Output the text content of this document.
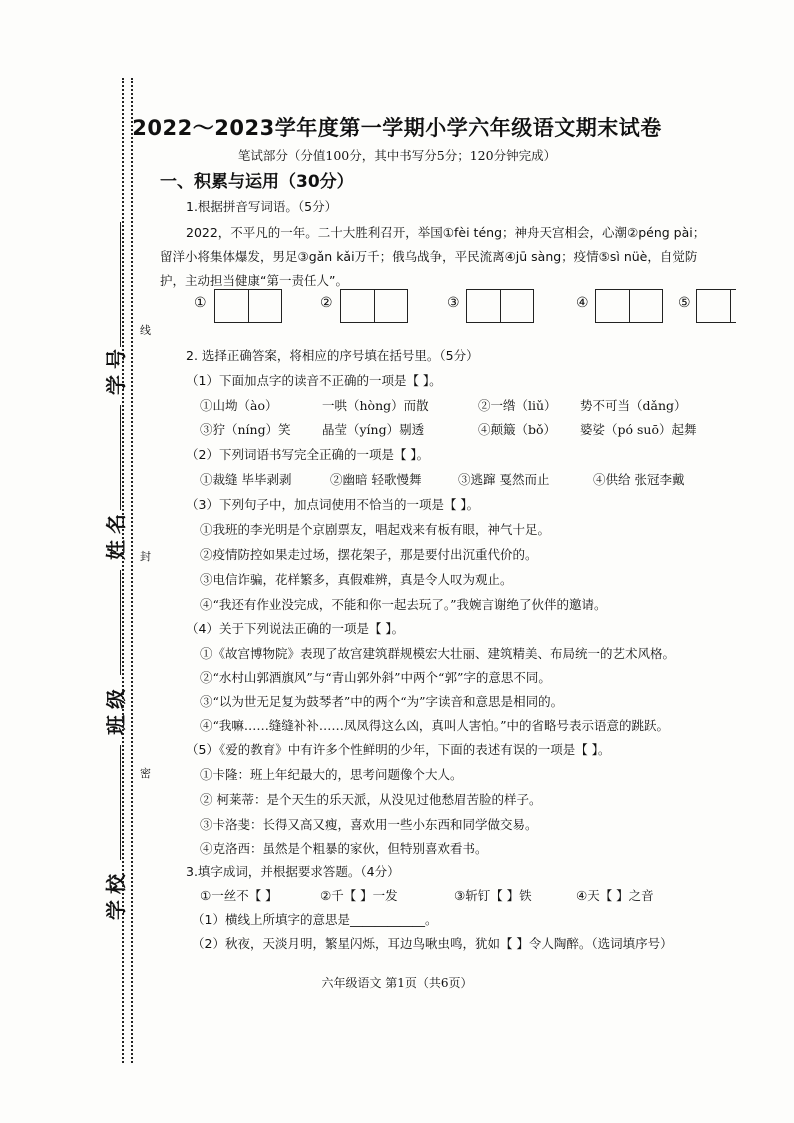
学号
姓名
班级
学校
线
封
密
2022～2023学年度第一学期小学六年级语文期末试卷
笔试部分（分值100分，其中书写分5分；120分钟完成）
一、积累与运用（30分）
1.根据拼音写词语。（5分）
2022，不平凡的一年。二十大胜利召开，举国①fèi téng；神舟天宫相会，心潮②péng pài；
留洋小将集体爆发，男足③gǎn kǎi万千；俄乌战争，平民流离④jū sàng；疫情⑤sì nüè，自觉防
护，主动担当健康“第一责任人”。
①	②	③	④	⑤
2. 选择正确答案，将相应的序号填在括号里。（5分）
（1）下面加点字的读音不正确的一项是【 】。
①山坳（ào）	一哄（hòng）而散	②一绺（liǔ） 势不可当（dǎng）
③狞（níng）笑	晶莹（yíng）剔透	④颠簸（bǒ） 婆娑（pó suō）起舞
（2）下列词语书写完全正确的一项是【 】。
①裁缝 毕毕剥剥	②幽暗 轻歌慢舞	③逃蹿 戛然而止	④供给 张冠李戴
（3）下列句子中，加点词使用不恰当的一项是【 】。
①我班的李光明是个京剧票友，唱起戏来有板有眼，神气十足。
②疫情防控如果走过场，摆花架子，那是要付出沉重代价的。
③电信诈骗，花样繁多，真假难辨，真是令人叹为观止。
④“我还有作业没完成，不能和你一起去玩了。”我婉言谢绝了伙伴的邀请。
（4）关于下列说法正确的一项是【 】。
①《故宫博物院》表现了故宫建筑群规模宏大壮丽、建筑精美、布局统一的艺术风格。
②“水村山郭酒旗风”与“青山郭外斜”中两个“郭”字的意思不同。
③“以为世无足复为鼓琴者”中的两个“为”字读音和意思是相同的。
④“我嘛……缝缝补补……凤凤得这么凶，真叫人害怕。”中的省略号表示语意的跳跃。
（5）《爱的教育》中有许多个性鲜明的少年，下面的表述有误的一项是【 】。
①卡隆：班上年纪最大的，思考问题像个大人。
② 柯莱蒂：是个天生的乐天派，从没见过他愁眉苦脸的样子。
③卡洛斐：长得又高又瘦，喜欢用一些小东西和同学做交易。
④克洛西：虽然是个粗暴的家伙，但特别喜欢看书。
3.填字成词，并根据要求答题。（4分）
①一丝不【 】	②千【 】一发	③斩钉【 】铁	④天【 】之音
（1）横线上所填字的意思是____________。
（2）秋夜，天淡月明，繁星闪烁，耳边鸟啾虫鸣，犹如【 】令人陶醉。（选词填序号）
六年级语文 第1页（共6页）
